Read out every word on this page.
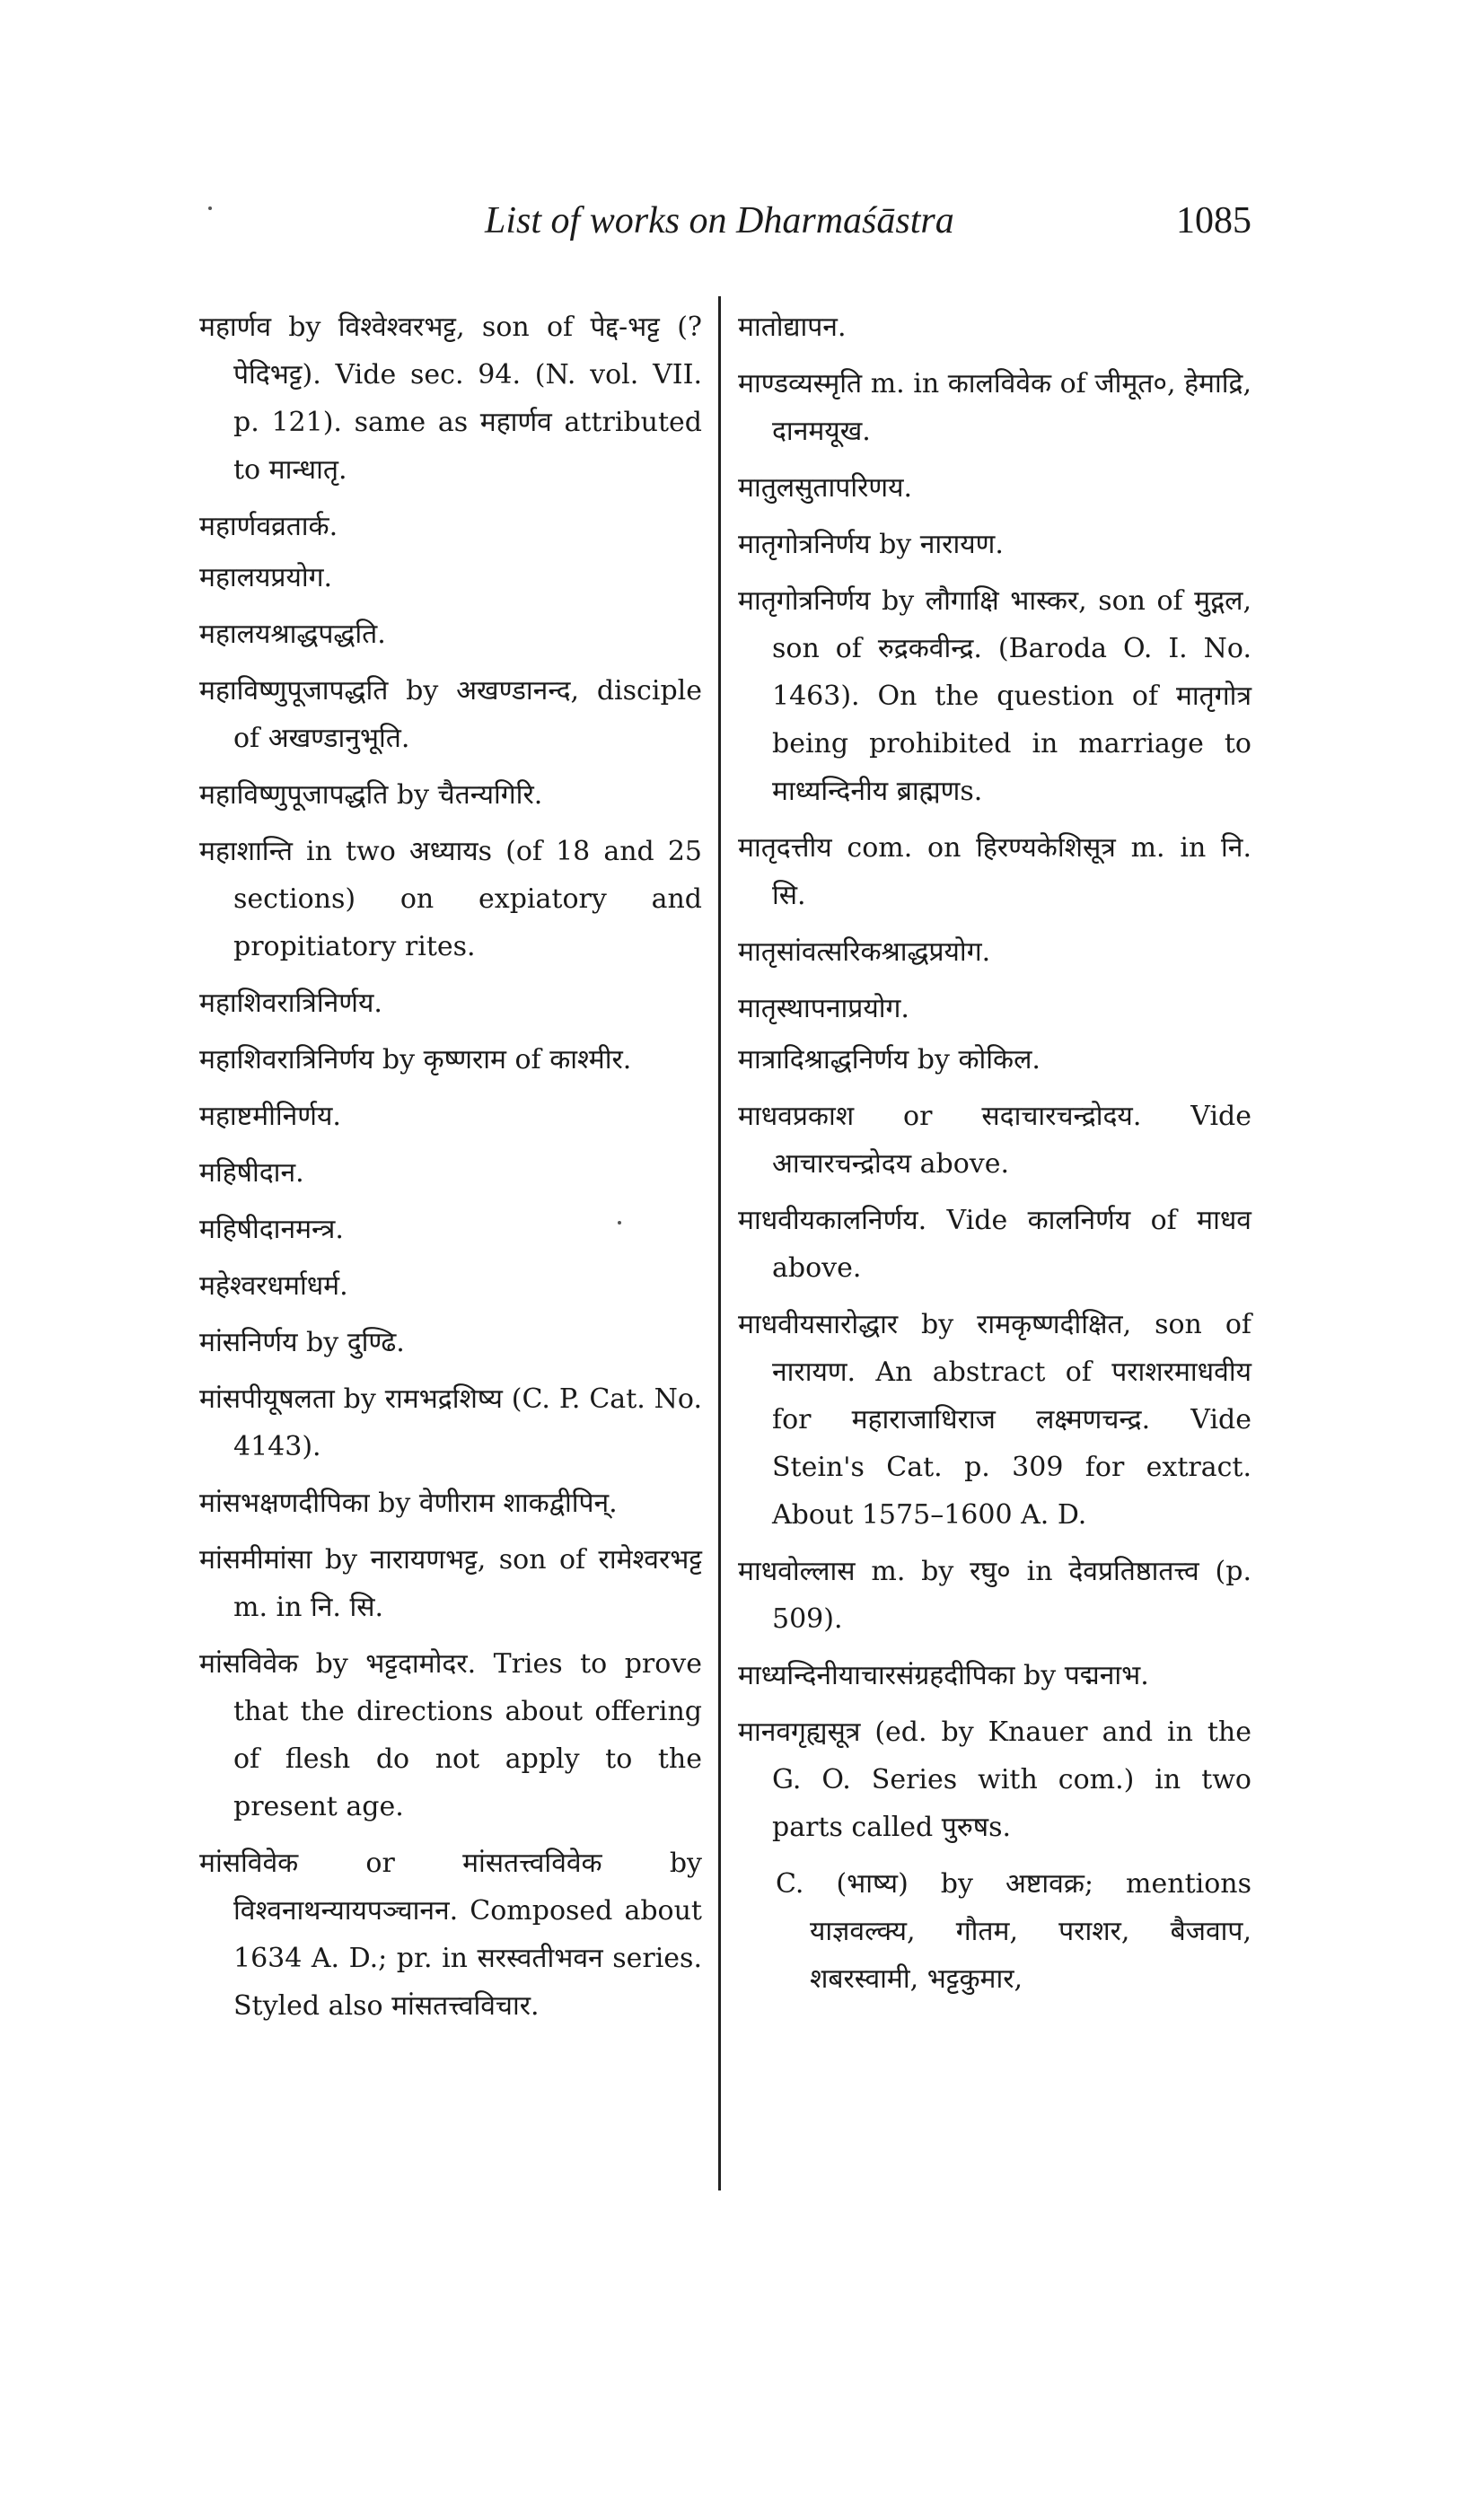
List of works on Dharmaśāstra	1085

महार्णव by विश्वेश्वरभट्ट, son of पेद्द-भट्ट (? पेदिभट्ट). Vide sec. 94. (N. vol. VII. p. 121). same as महार्णव attributed to मान्धातृ.

महार्णवव्रतार्क.

महालयप्रयोग.

महालयश्राद्धपद्धति.

महाविष्णुपूजापद्धति by अखण्डानन्द, disciple of अखण्डानुभूति.

महाविष्णुपूजापद्धति by चैतन्यगिरि.

महाशान्ति in two अध्यायs (of 18 and 25 sections) on expiatory and propitiatory rites.

महाशिवरात्रिनिर्णय.

महाशिवरात्रिनिर्णय by कृष्णराम of काश्मीर.

महाष्टमीनिर्णय.

महिषीदान.

महिषीदानमन्त्र.

महेश्वरधर्माधर्म.

मांसनिर्णय by दुण्ढि.

मांसपीयूषलता by रामभद्रशिष्य (C. P. Cat. No. 4143).

मांसभक्षणदीपिका by वेणीराम शाकद्वीपिन्.

मांसमीमांसा by नारायणभट्ट, son of रामेश्वरभट्ट m. in नि. सि.

मांसविवेक by भट्टदामोदर. Tries to prove that the directions about offering of flesh do not apply to the present age.

मांसविवेक or मांसतत्त्वविवेक by विश्वनाथन्यायपञ्चानन. Composed about 1634 A. D.; pr. in सरस्वतीभवन series. Styled also मांसतत्त्वविचार.

मातोद्यापन.

माण्डव्यस्मृति m. in कालविवेक of जीमूत०, हेमाद्रि, दानमयूख.

मातुलसुतापरिणय.

मातृगोत्रनिर्णय by नारायण.

मातृगोत्रनिर्णय by लौगाक्षि भास्कर, son of मुद्गल, son of रुद्रकवीन्द्र. (Baroda O. I. No. 1463). On the question of मातृगोत्र being prohibited in marriage to माध्यन्दिनीय ब्राह्मणs.

मातृदत्तीय com. on हिरण्यकेशिसूत्र m. in नि. सि.

मातृसांवत्सरिकश्राद्धप्रयोग.

मातृस्थापनाप्रयोग.

मात्रादिश्राद्धनिर्णय by कोकिल.

माधवप्रकाश or सदाचारचन्द्रोदय. Vide आचारचन्द्रोदय above.

माधवीयकालनिर्णय. Vide कालनिर्णय of माधव above.

माधवीयसारोद्धार by रामकृष्णदीक्षित, son of नारायण. An abstract of पराशरमाधवीय for महाराजाधिराज लक्ष्मणचन्द्र. Vide Stein's Cat. p. 309 for extract. About 1575–1600 A. D.

माधवोल्लास m. by रघु० in देवप्रतिष्ठातत्त्व (p. 509).

माध्यन्दिनीयाचारसंग्रहदीपिका by पद्मनाभ.

मानवगृह्यसूत्र (ed. by Knauer and in the G. O. Series with com.) in two parts called पुरुषs.

C. (भाष्य) by अष्टावक्र; mentions याज्ञवल्क्य, गौतम, पराशर, बैजवाप, शबरस्वामी, भट्टकुमार,
